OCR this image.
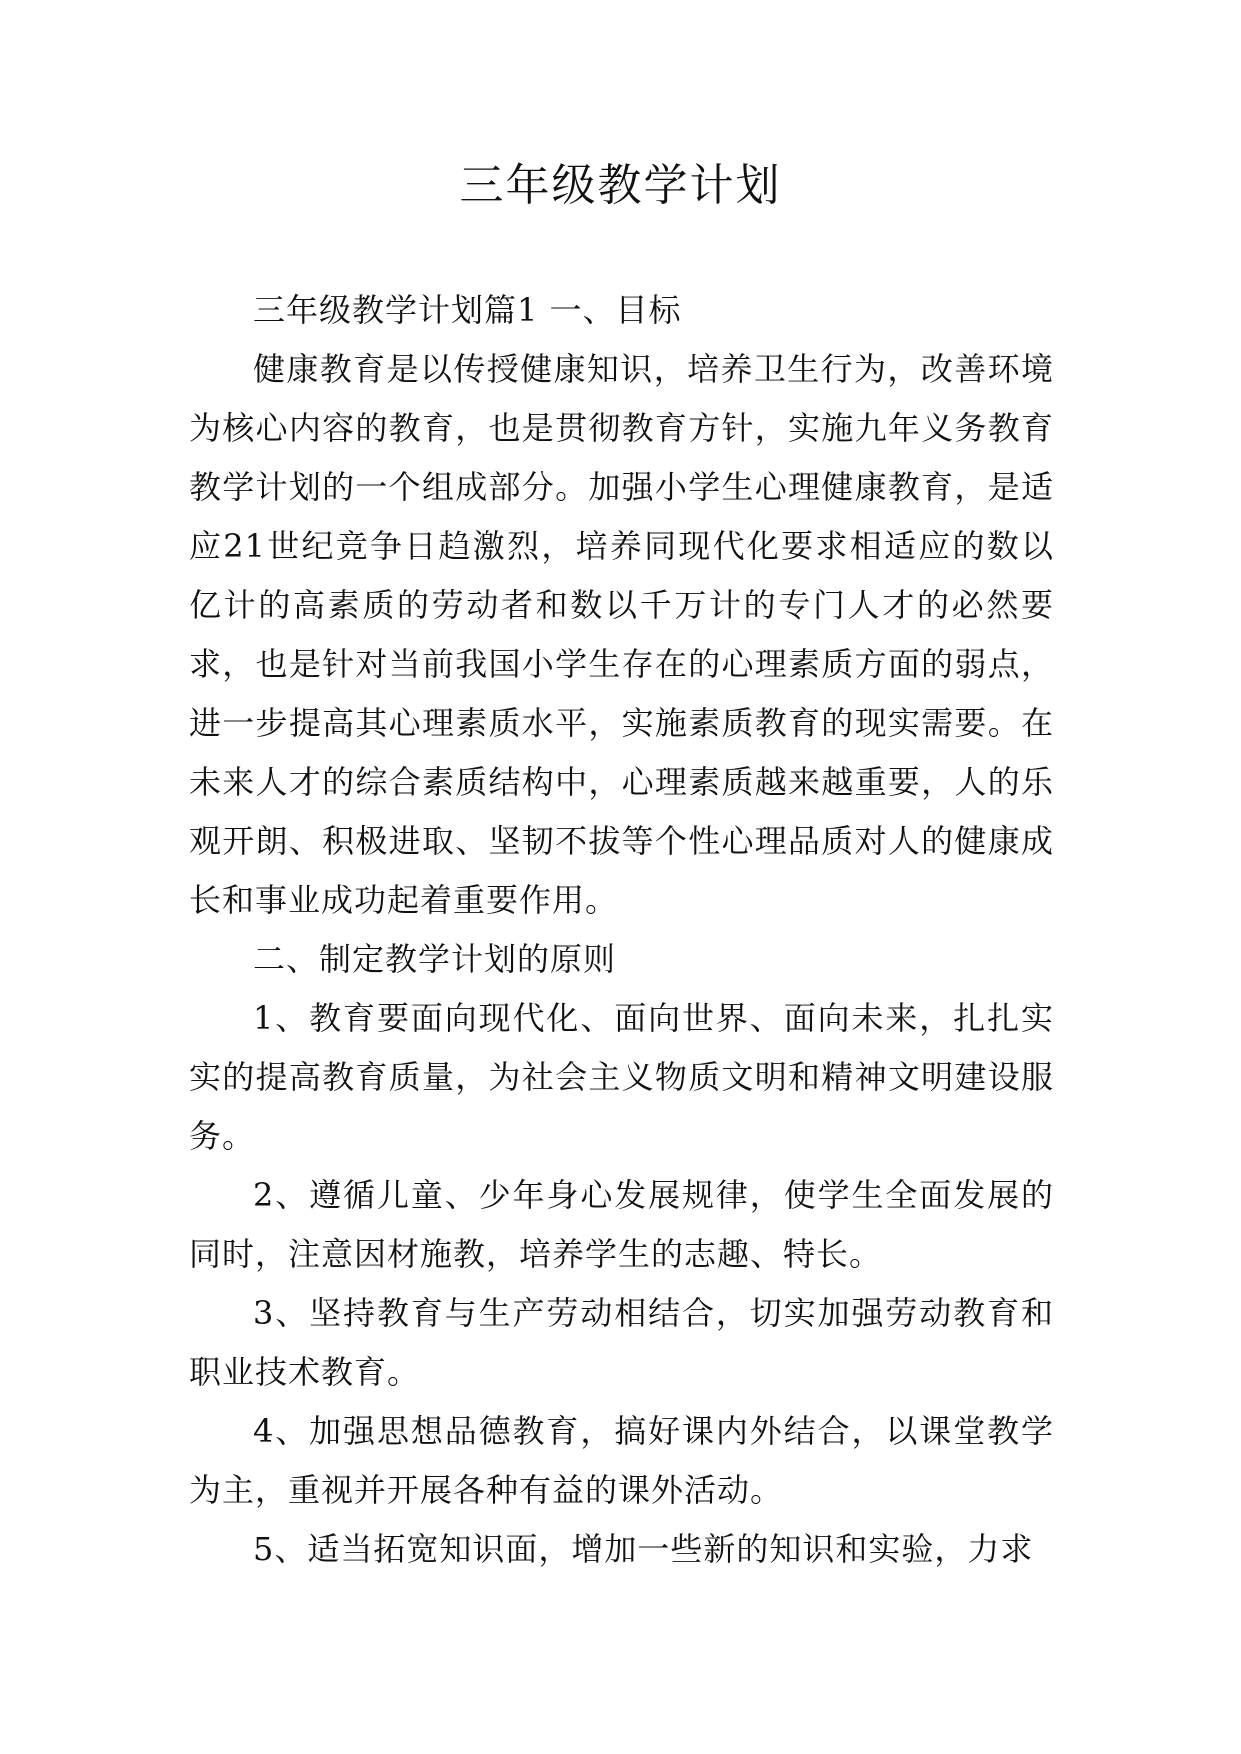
三年级教学计划

三年级教学计划篇1 一、目标

健康教育是以传授健康知识，培养卫生行为，改善环境为核心内容的教育，也是贯彻教育方针，实施九年义务教育教学计划的一个组成部分。加强小学生心理健康教育，是适应21世纪竞争日趋激烈，培养同现代化要求相适应的数以亿计的高素质的劳动者和数以千万计的专门人才的必然要求，也是针对当前我国小学生存在的心理素质方面的弱点，进一步提高其心理素质水平，实施素质教育的现实需要。在未来人才的综合素质结构中，心理素质越来越重要，人的乐观开朗、积极进取、坚韧不拔等个性心理品质对人的健康成长和事业成功起着重要作用。

二、制定教学计划的原则

1、教育要面向现代化、面向世界、面向未来，扎扎实实的提高教育质量，为社会主义物质文明和精神文明建设服务。

2、遵循儿童、少年身心发展规律，使学生全面发展的同时，注意因材施教，培养学生的志趣、特长。

3、坚持教育与生产劳动相结合，切实加强劳动教育和职业技术教育。

4、加强思想品德教育，搞好课内外结合，以课堂教学为主，重视并开展各种有益的课外活动。

5、适当拓宽知识面，增加一些新的知识和实验，力求
